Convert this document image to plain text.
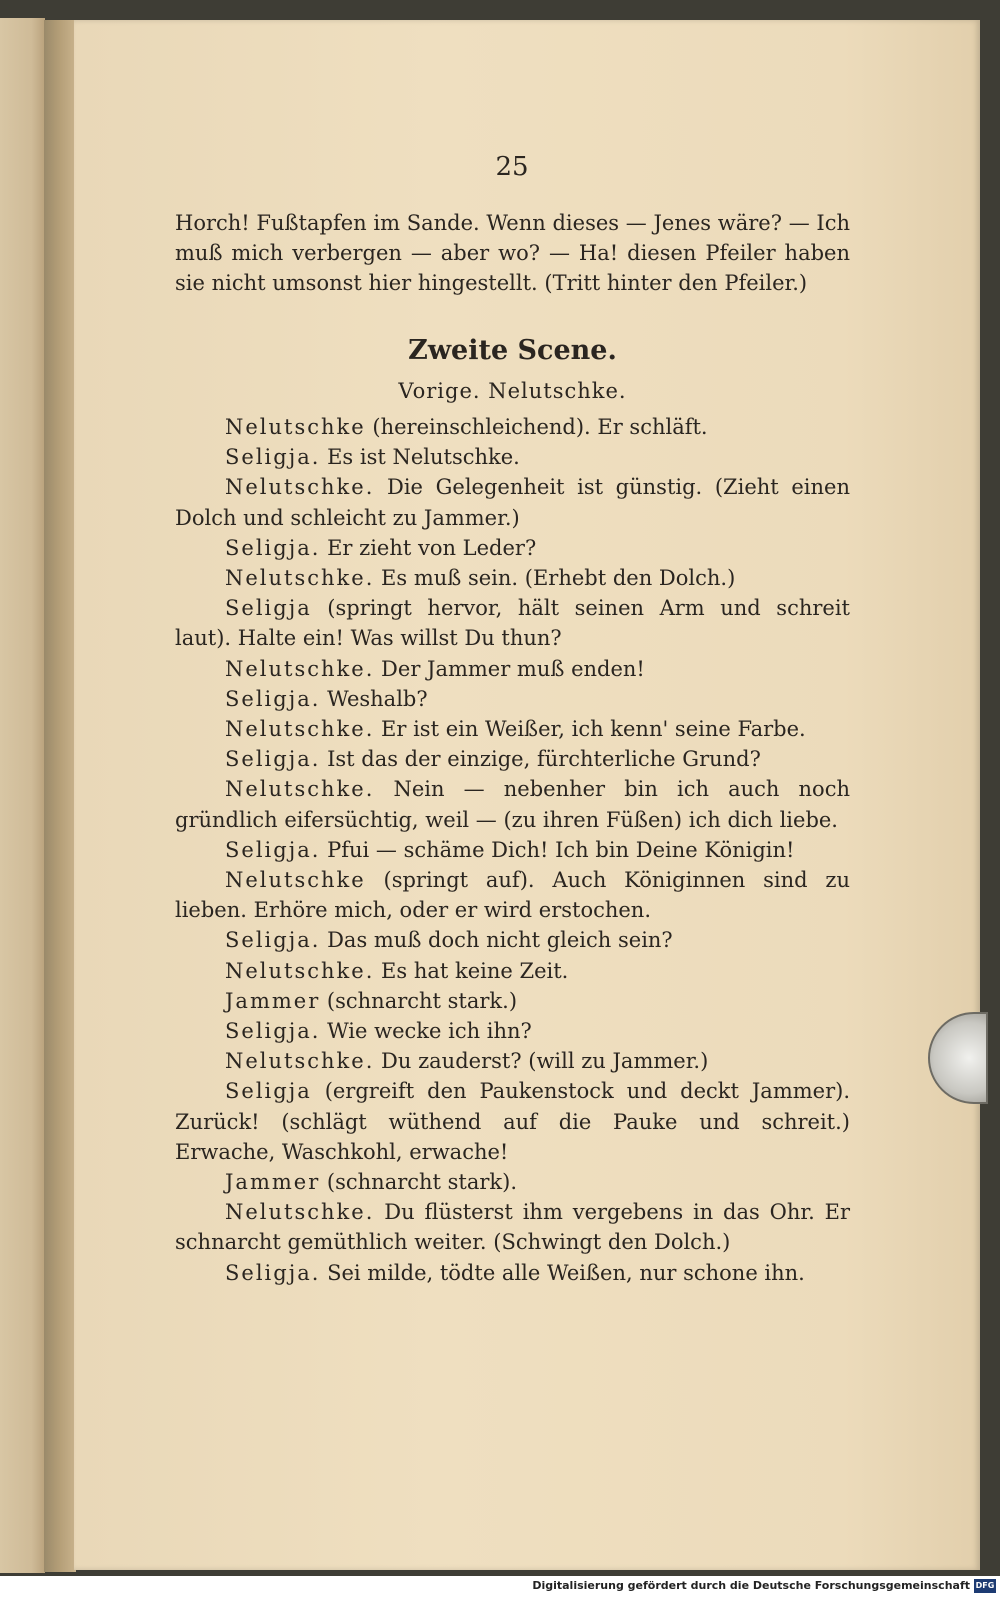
25

Horch! Fußtapfen im Sande. Wenn dieses — Jenes wäre? — Ich muß mich verbergen — aber wo? — Ha! diesen Pfeiler haben sie nicht umsonst hier hingestellt. (Tritt hinter den Pfeiler.)

Zweite Scene.
Vorige. Nelutschke.

Nelutschke (hereinschleichend). Er schläft.

Seligja. Es ist Nelutschke.

Nelutschke. Die Gelegenheit ist günstig. (Zieht einen Dolch und schleicht zu Jammer.)

Seligja. Er zieht von Leder?

Nelutschke. Es muß sein. (Erhebt den Dolch.)

Seligja (springt hervor, hält seinen Arm und schreit laut). Halte ein! Was willst Du thun?

Nelutschke. Der Jammer muß enden!

Seligja. Weshalb?

Nelutschke. Er ist ein Weißer, ich kenn' seine Farbe.

Seligja. Ist das der einzige, fürchterliche Grund?

Nelutschke. Nein — nebenher bin ich auch noch gründlich eifersüchtig, weil — (zu ihren Füßen) ich dich liebe.

Seligja. Pfui — schäme Dich! Ich bin Deine Königin!

Nelutschke (springt auf). Auch Königinnen sind zu lieben. Erhöre mich, oder er wird erstochen.

Seligja. Das muß doch nicht gleich sein?

Nelutschke. Es hat keine Zeit.

Jammer (schnarcht stark.)

Seligja. Wie wecke ich ihn?

Nelutschke. Du zauderst? (will zu Jammer.)

Seligja (ergreift den Paukenstock und deckt Jammer). Zurück! (schlägt wüthend auf die Pauke und schreit.) Erwache, Waschkohl, erwache!

Jammer (schnarcht stark).

Nelutschke. Du flüsterst ihm vergebens in das Ohr. Er schnarcht gemüthlich weiter. (Schwingt den Dolch.)

Seligja. Sei milde, tödte alle Weißen, nur schone ihn.

Digitalisierung gefördert durch die Deutsche Forschungsgemeinschaft DFG
